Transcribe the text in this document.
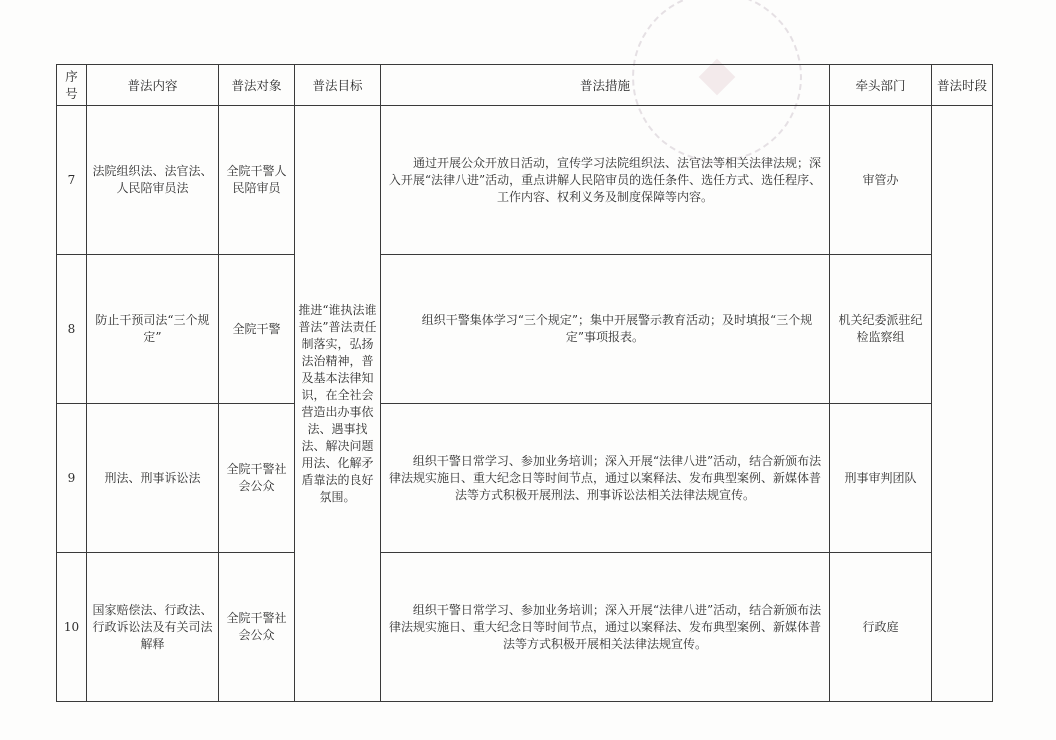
序号	普法内容	普法对象	普法目标	普法措施	牵头部门	普法时段
7	法院组织法、法官法、人民陪审员法	全院干警人民陪审员	推进“谁执法谁普法”普法责任制落实，弘扬法治精神，普及基本法律知识，在全社会营造出办事依法、遇事找法、解决问题用法、化解矛盾靠法的良好氛围。	通过开展公众开放日活动，宣传学习法院组织法、法官法等相关法律法规；深入开展“法律八进”活动，重点讲解人民陪审员的选任条件、选任方式、选任程序、工作内容、权利义务及制度保障等内容。	审管办	
8	防止干预司法“三个规定”	全院干警		组织干警集体学习“三个规定”；集中开展警示教育活动；及时填报“三个规定”事项报表。	机关纪委派驻纪检监察组	
9	刑法、刑事诉讼法	全院干警社会公众		组织干警日常学习、参加业务培训；深入开展“法律八进”活动，结合新颁布法律法规实施日、重大纪念日等时间节点，通过以案释法、发布典型案例、新媒体普法等方式积极开展刑法、刑事诉讼法相关法律法规宣传。	刑事审判团队	
10	国家赔偿法、行政法、行政诉讼法及有关司法解释	全院干警社会公众		组织干警日常学习、参加业务培训；深入开展“法律八进”活动，结合新颁布法律法规实施日、重大纪念日等时间节点，通过以案释法、发布典型案例、新媒体普法等方式积极开展相关法律法规宣传。	行政庭	
